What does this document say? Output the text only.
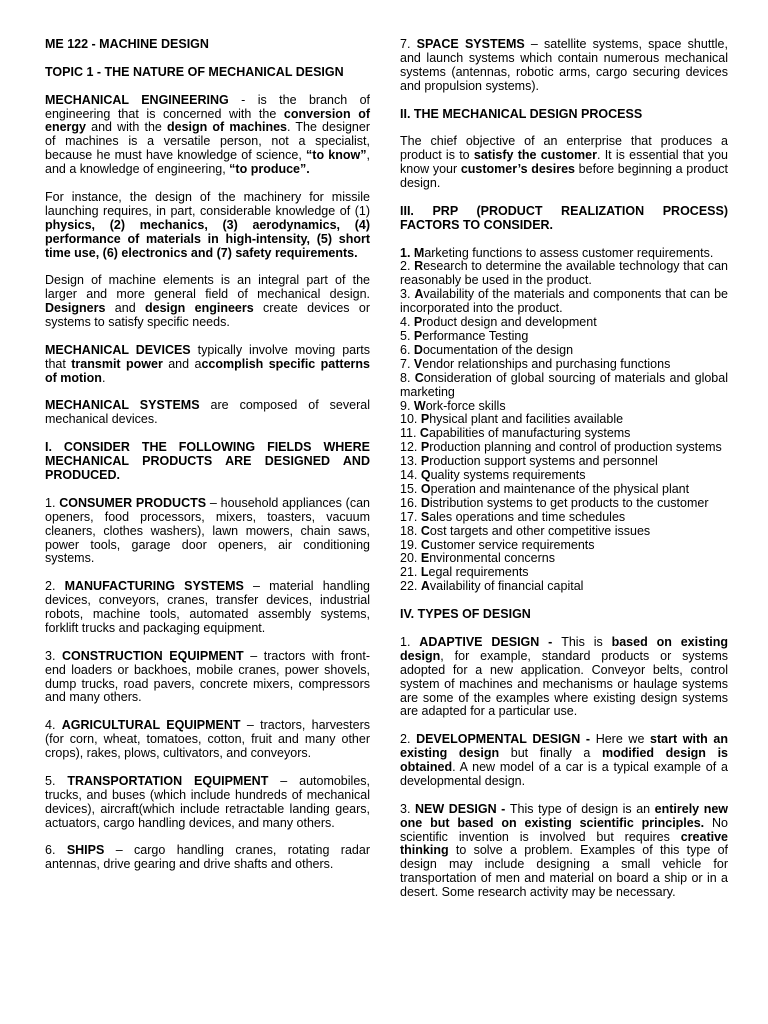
ME 122 - MACHINE DESIGN

TOPIC 1 - THE NATURE OF MECHANICAL DESIGN

MECHANICAL ENGINEERING - is the branch of engineering that is concerned with the conversion of energy and with the design of machines. The designer of machines is a versatile person, not a specialist, because he must have knowledge of science, “to know”, and a knowledge of engineering, “to produce”.

For instance, the design of the machinery for missile launching requires, in part, considerable knowledge of (1) physics, (2) mechanics, (3) aerodynamics, (4) performance of materials in high-intensity, (5) short time use, (6) electronics and (7) safety requirements.

Design of machine elements is an integral part of the larger and more general field of mechanical design. Designers and design engineers create devices or systems to satisfy specific needs.

MECHANICAL DEVICES typically involve moving parts that transmit power and accomplish specific patterns of motion.

MECHANICAL SYSTEMS are composed of several mechanical devices.

I. CONSIDER THE FOLLOWING FIELDS WHERE MECHANICAL PRODUCTS ARE DESIGNED AND PRODUCED.

1. CONSUMER PRODUCTS – household appliances (can openers, food processors, mixers, toasters, vacuum cleaners, clothes washers), lawn mowers, chain saws, power tools, garage door openers, air conditioning systems.

2. MANUFACTURING SYSTEMS – material handling devices, conveyors, cranes, transfer devices, industrial robots, machine tools, automated assembly systems, forklift trucks and packaging equipment.

3. CONSTRUCTION EQUIPMENT – tractors with front-end loaders or backhoes, mobile cranes, power shovels, dump trucks, road pavers, concrete mixers, compressors and many others.

4. AGRICULTURAL EQUIPMENT – tractors, harvesters (for corn, wheat, tomatoes, cotton, fruit and many other crops), rakes, plows, cultivators, and conveyors.

5. TRANSPORTATION EQUIPMENT – automobiles, trucks, and buses (which include hundreds of mechanical devices), aircraft(which include retractable landing gears, actuators, cargo handling devices, and many others.

6. SHIPS – cargo handling cranes, rotating radar antennas, drive gearing and drive shafts and others.

7. SPACE SYSTEMS – satellite systems, space shuttle, and launch systems which contain numerous mechanical systems (antennas, robotic arms, cargo securing devices and propulsion systems).

II. THE MECHANICAL DESIGN PROCESS

The chief objective of an enterprise that produces a product is to satisfy the customer. It is essential that you know your customer’s desires before beginning a product design.

III. PRP (PRODUCT REALIZATION PROCESS) FACTORS TO CONSIDER.

1. Marketing functions to assess customer requirements.

2. Research to determine the available technology that can reasonably be used in the product.

3. Availability of the materials and components that can be incorporated into the product.

4. Product design and development

5. Performance Testing

6. Documentation of the design

7. Vendor relationships and purchasing functions

8. Consideration of global sourcing of materials and global marketing

9. Work-force skills

10. Physical plant and facilities available

11. Capabilities of manufacturing systems

12. Production planning and control of production systems

13. Production support systems and personnel

14. Quality systems requirements

15. Operation and maintenance of the physical plant

16. Distribution systems to get products to the customer

17. Sales operations and time schedules

18. Cost targets and other competitive issues

19. Customer service requirements

20. Environmental concerns

21. Legal requirements

22. Availability of financial capital

IV. TYPES OF DESIGN

1. ADAPTIVE DESIGN - This is based on existing design, for example, standard products or systems adopted for a new application. Conveyor belts, control system of machines and mechanisms or haulage systems are some of the examples where existing design systems are adapted for a particular use.

2. DEVELOPMENTAL DESIGN - Here we start with an existing design but finally a modified design is obtained. A new model of a car is a typical example of a developmental design.

3. NEW DESIGN - This type of design is an entirely new one but based on existing scientific principles. No scientific invention is involved but requires creative thinking to solve a problem. Examples of this type of design may include designing a small vehicle for transportation of men and material on board a ship or in a desert. Some research activity may be necessary.
